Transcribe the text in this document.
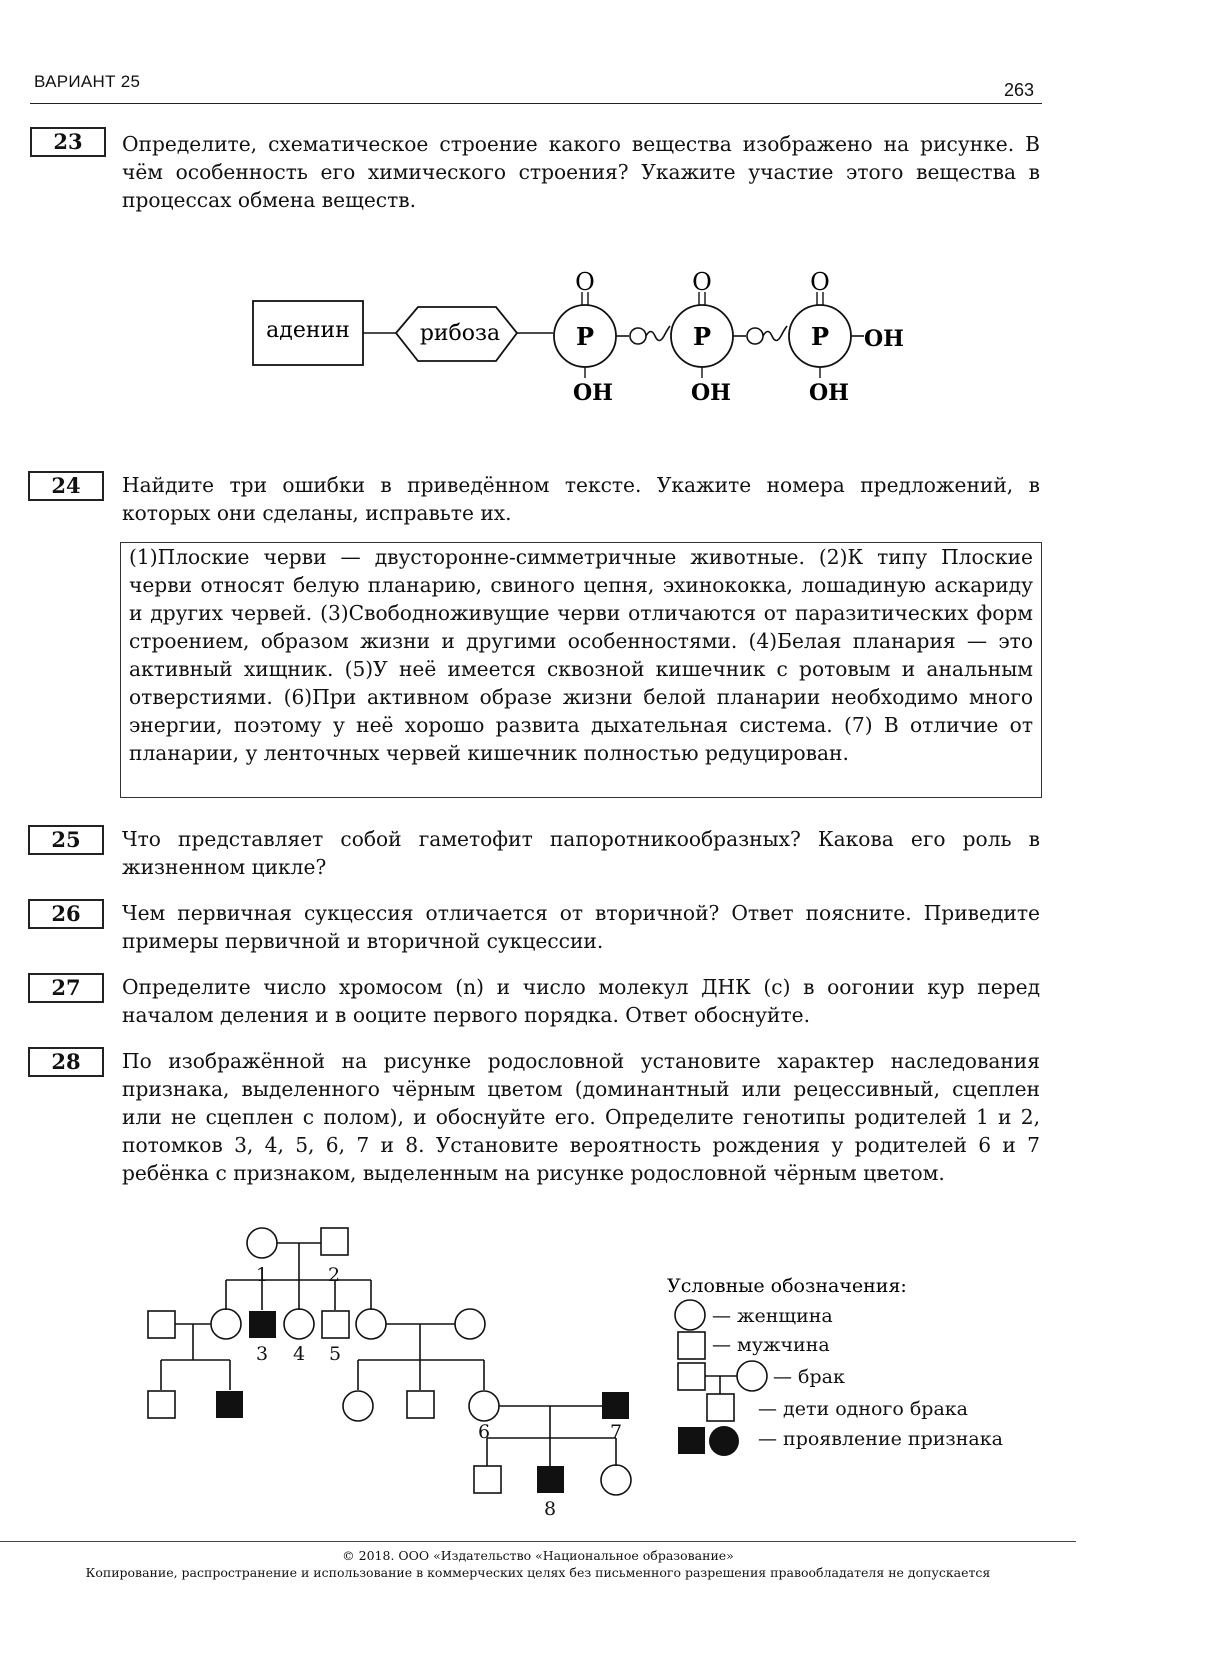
ВАРИАНТ 25	263
23	Определите, схематическое строение какого вещества изображено на рисунке. В чём особенность его химического строения? Укажите участие этого вещества в процессах обмена веществ.
аденин	рибоза	P
O
OH
P
O
OH
P
O
OH
OH
24	Найдите три ошибки в приведённом тексте. Укажите номера предложений, в которых они сделаны, исправьте их.
(1)Плоские черви — двусторонне-симметричные животные. (2)К типу Плоские черви относят белую планарию, свиного цепня, эхинококка, лошадиную аскариду и других червей. (3)Свободноживущие черви отличаются от паразитических форм строением, образом жизни и другими особенностями. (4)Белая планария — это активный хищник. (5)У неё имеется сквозной кишечник с ротовым и анальным отверстиями. (6)При активном образе жизни белой планарии необходимо много энергии, поэтому у неё хорошо развита дыхательная система. (7) В отличие от планарии, у ленточных червей кишечник полностью редуцирован.
25	Что представляет собой гаметофит папоротникообразных? Какова его роль в жизненном цикле?
26	Чем первичная сукцессия отличается от вторичной? Ответ поясните. Приведите примеры первичной и вторичной сукцессии.
27	Определите число хромосом (n) и число молекул ДНК (c) в оогонии кур перед началом деления и в ооците первого порядка. Ответ обоснуйте.
28	По изображённой на рисунке родословной установите характер наследования признака, выделенного чёрным цветом (доминантный или рецессивный, сцеплен или не сцеплен с полом), и обоснуйте его. Определите генотипы родителей 1 и 2, потомков 3, 4, 5, 6, 7 и 8. Установите вероятность рождения у родителей 6 и 7 ребёнка с признаком, выделенным на рисунке родословной чёрным цветом.
1	2
3 4 5
6	7
8
Условные обозначения:
— женщина
— мужчина
— брак
— дети одного брака
— проявление признака
© 2018. ООО «Издательство «Национальное образование»
Копирование, распространение и использование в коммерческих целях без письменного разрешения правообладателя не допускается
